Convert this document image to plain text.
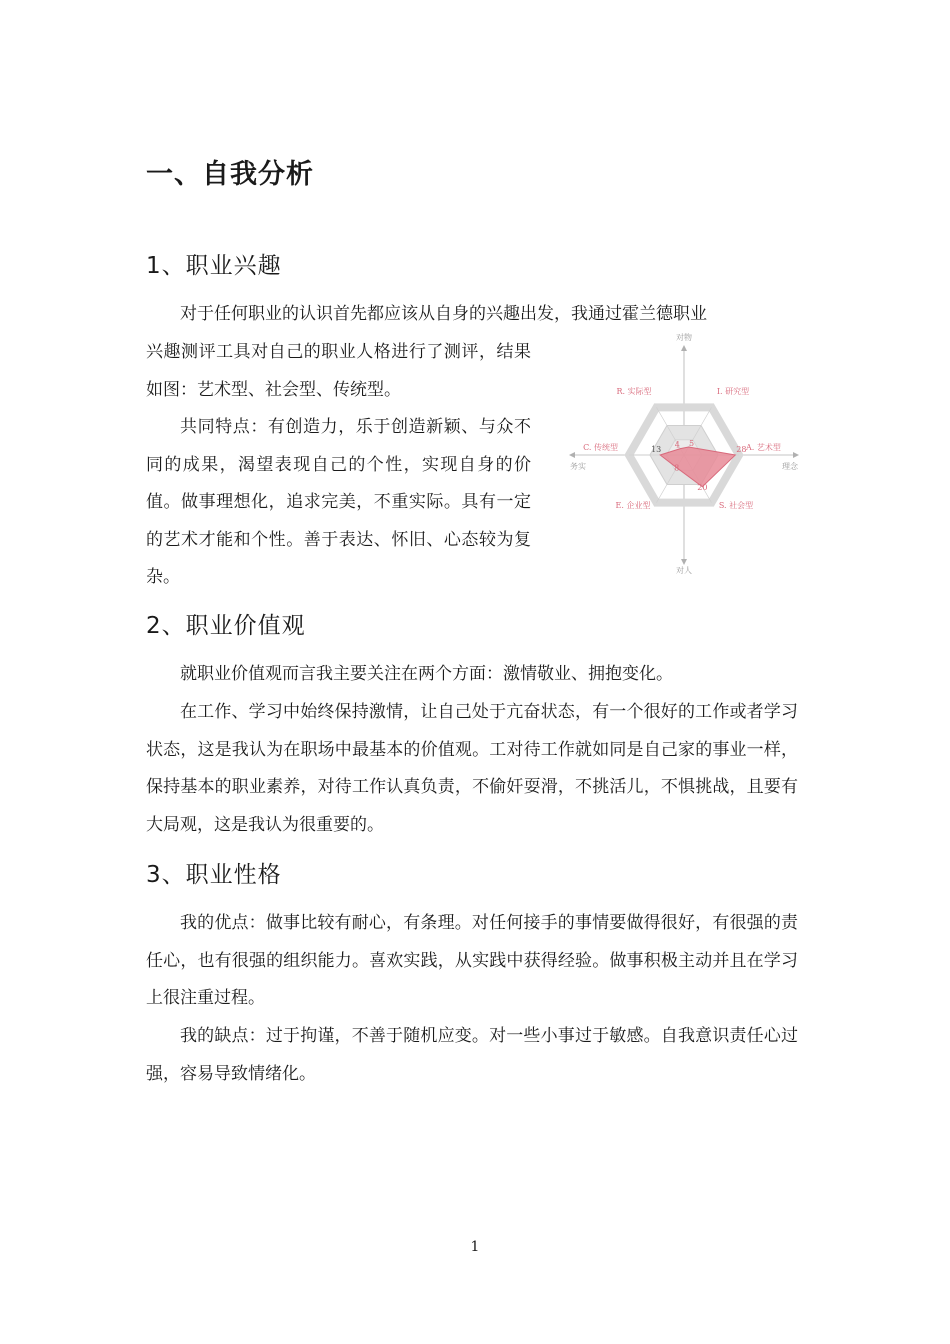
一、自我分析
1、职业兴趣

对于任何职业的认识首先都应该从自身的兴趣出发，我通过霍兰德职业

兴趣测评工具对自己的职业人格进行了测评，结果如图：艺术型、社会型、传统型。

共同特点：有创造力，乐于创造新颖、与众不同的成果，渴望表现自己的个性，实现自身的价值。做事理想化，追求完美，不重实际。具有一定的艺术才能和个性。善于表达、怀旧、心态较为复杂。

4 5
28
20
8
13
对物
对人
务实	理念
R. 实际型	I. 研究型
A. 艺术型
S. 社会型
E. 企业型
C. 传统型
2、职业价值观

就职业价值观而言我主要关注在两个方面：激情敬业、拥抱变化。

在工作、学习中始终保持激情，让自己处于亢奋状态，有一个很好的工作或者学习状态，这是我认为在职场中最基本的价值观。工对待工作就如同是自己家的事业一样，保持基本的职业素养，对待工作认真负责，不偷奸耍滑，不挑活儿，不惧挑战，且要有大局观，这是我认为很重要的。

3、职业性格

我的优点：做事比较有耐心，有条理。对任何接手的事情要做得很好，有很强的责任心，也有很强的组织能力。喜欢实践，从实践中获得经验。做事积极主动并且在学习上很注重过程。

我的缺点：过于拘谨，不善于随机应变。对一些小事过于敏感。自我意识责任心过强，容易导致情绪化。

1
